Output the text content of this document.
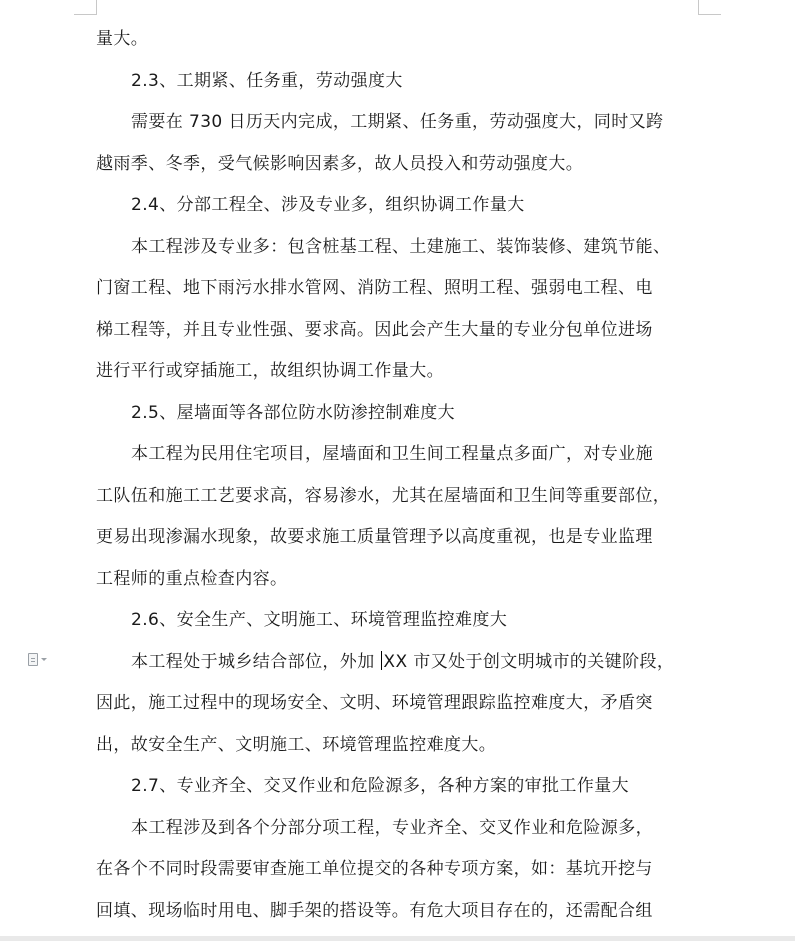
量大。

2.3、工期紧、任务重，劳动强度大

需要在 730 日历天内完成，工期紧、任务重，劳动强度大，同时又跨

越雨季、冬季，受气候影响因素多，故人员投入和劳动强度大。

2.4、分部工程全、涉及专业多，组织协调工作量大

本工程涉及专业多：包含桩基工程、土建施工、装饰装修、建筑节能、

门窗工程、地下雨污水排水管网、消防工程、照明工程、强弱电工程、电

梯工程等，并且专业性强、要求高。因此会产生大量的专业分包单位进场

进行平行或穿插施工，故组织协调工作量大。

2.5、屋墙面等各部位防水防渗控制难度大

本工程为民用住宅项目，屋墙面和卫生间工程量点多面广，对专业施

工队伍和施工工艺要求高，容易渗水，尤其在屋墙面和卫生间等重要部位，

更易出现渗漏水现象，故要求施工质量管理予以高度重视，也是专业监理

工程师的重点检查内容。

2.6、安全生产、文明施工、环境管理监控难度大

本工程处于城乡结合部位，外加 XX 市又处于创文明城市的关键阶段，

因此，施工过程中的现场安全、文明、环境管理跟踪监控难度大，矛盾突

出，故安全生产、文明施工、环境管理监控难度大。

2.7、专业齐全、交叉作业和危险源多，各种方案的审批工作量大

本工程涉及到各个分部分项工程，专业齐全、交叉作业和危险源多，

在各个不同时段需要审查施工单位提交的各种专项方案，如：基坑开挖与

回填、现场临时用电、脚手架的搭设等。有危大项目存在的，还需配合组
